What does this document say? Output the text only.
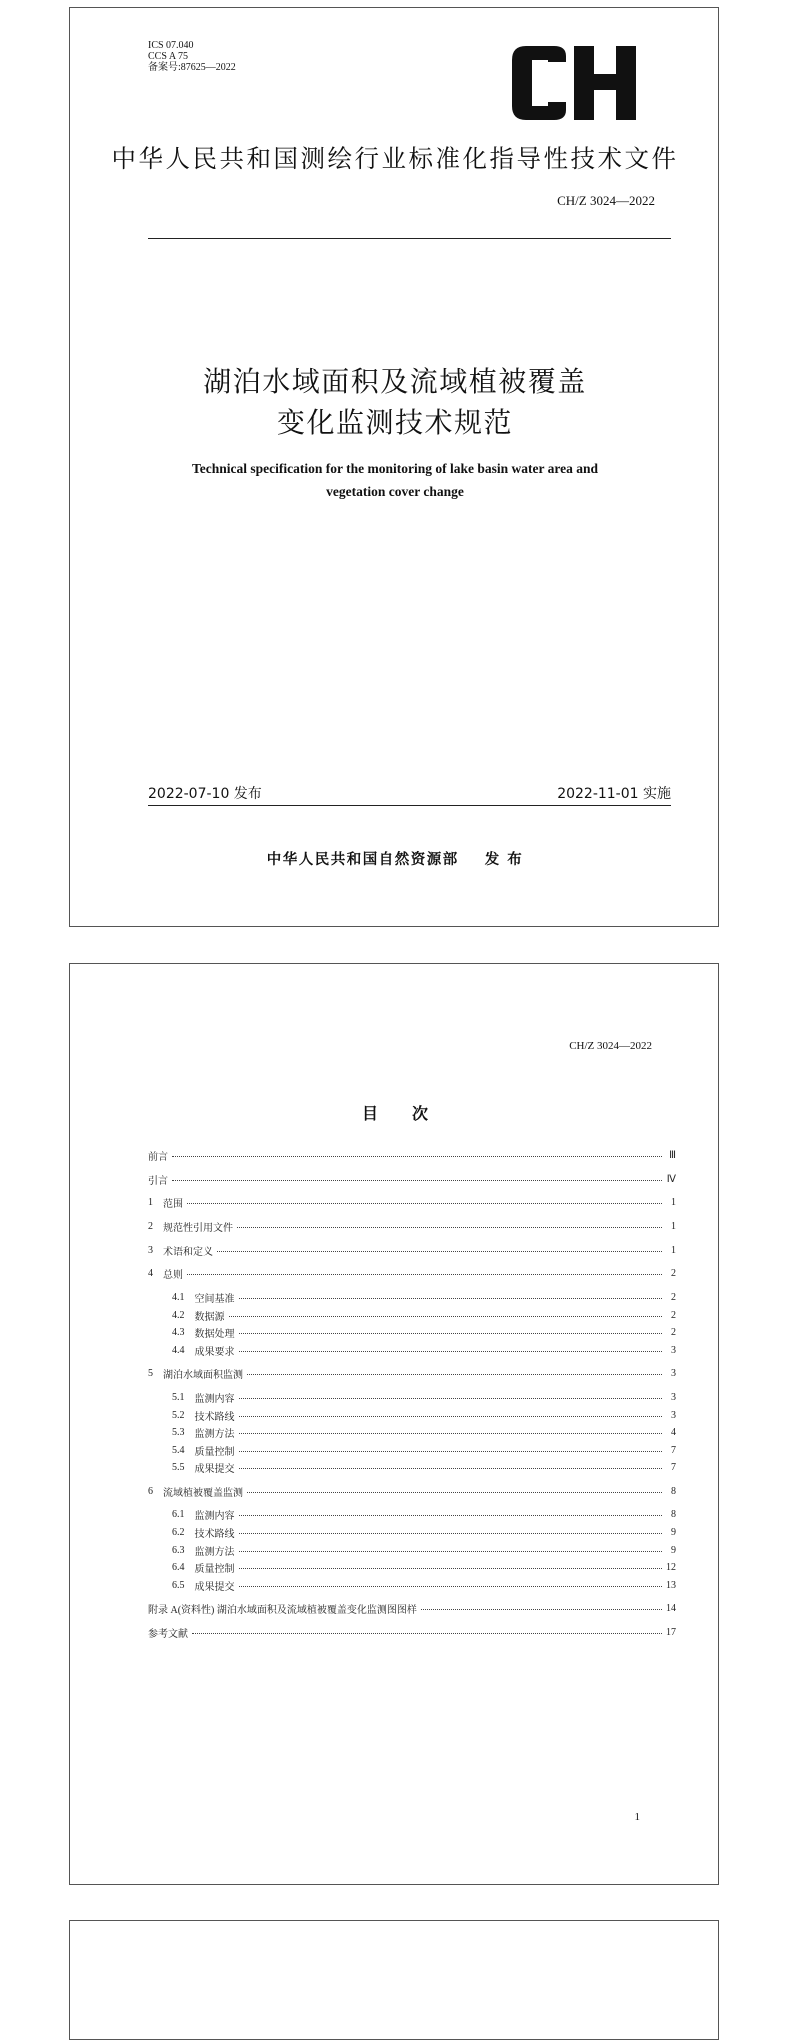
ICS 07.040
CCS A 75
备案号:87625—2022
CH
中华人民共和国测绘行业标准化指导性技术文件
CH/Z 3024—2022
湖泊水域面积及流域植被覆盖
变化监测技术规范
Technical specification for the monitoring of lake basin water area and
vegetation cover change
2022-07-10 发布	2022-11-01 实施
中华人民共和国自然资源部 发 布
CH/Z 3024—2022
目 次
前言	Ⅲ
引言	Ⅳ
1 范围	1
2 规范性引用文件	1
3 术语和定义	1
4 总则	2
4.1 空间基准	2
4.2 数据源	2
4.3 数据处理	2
4.4 成果要求	3
5 湖泊水域面积监测	3
5.1 监测内容	3
5.2 技术路线	3
5.3 监测方法	4
5.4 质量控制	7
5.5 成果提交	7
6 流域植被覆盖监测	8
6.1 监测内容	8
6.2 技术路线	9
6.3 监测方法	9
6.4 质量控制	12
6.5 成果提交	13
附录 A(资料性) 湖泊水域面积及流域植被覆盖变化监测图图样	14
参考文献	17
1
